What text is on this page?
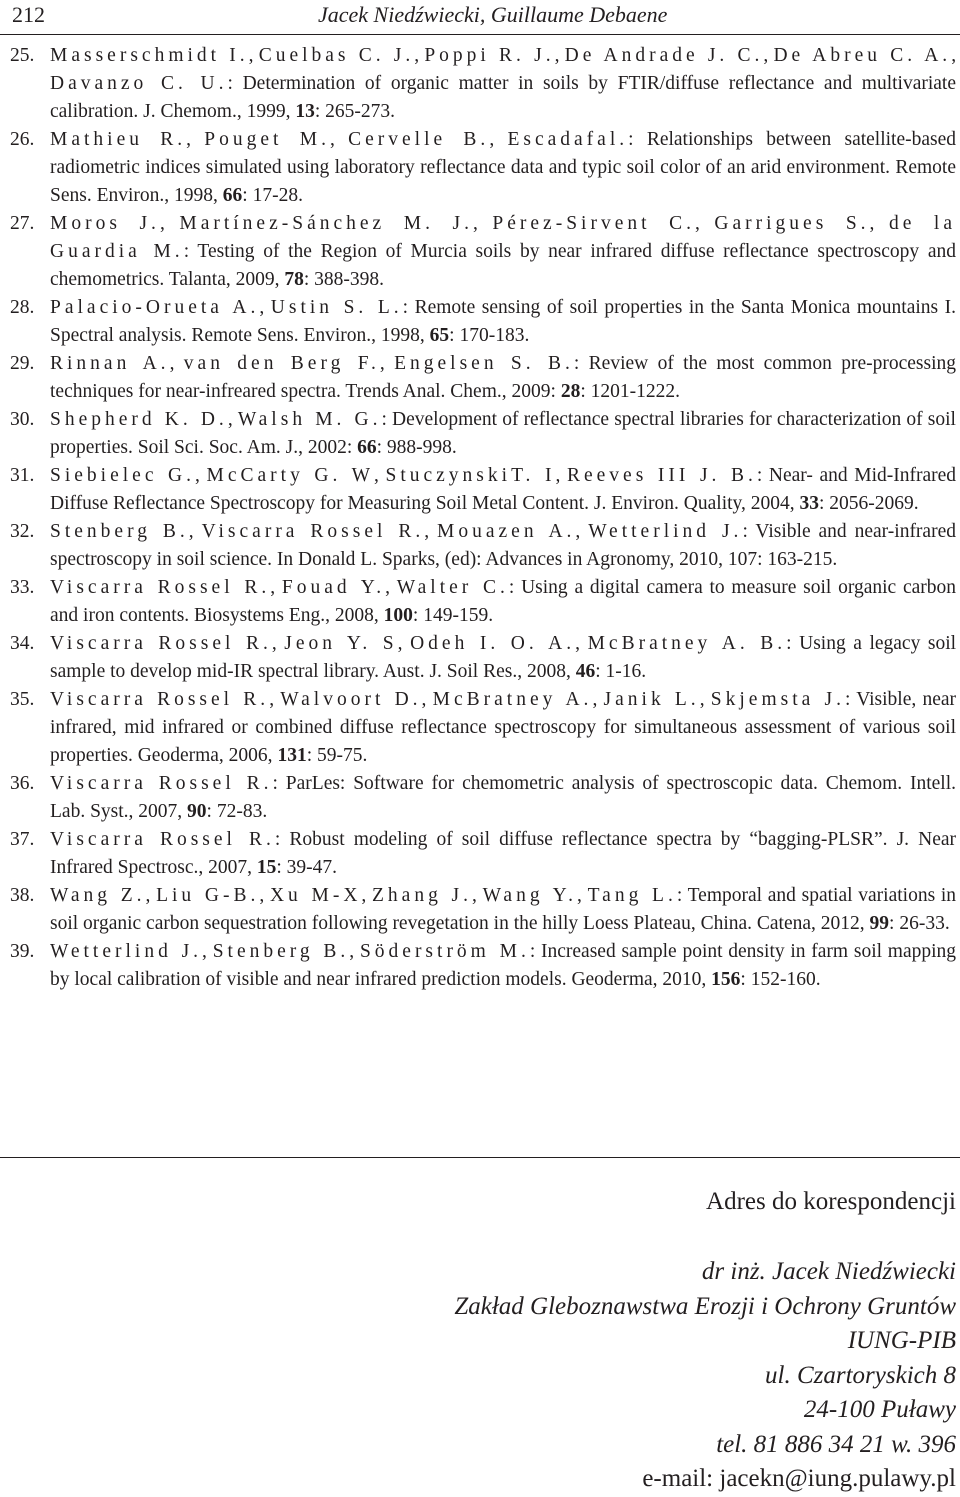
212	Jacek Niedźwiecki, Guillaume Debaene
25. Masserschmidt I., Cuelbas C. J., Poppi R. J., De Andrade J. C., De Abreu C. A., Davanzo C. U.: Determination of organic matter in soils by FTIR/diffuse reflectance and multivariate calibration. J. Chemom., 1999, 13: 265-273.
26. Mathieu R., Pouget M., Cervelle B., Escadafal.: Relationships between satellite-based radiometric indices simulated using laboratory reflectance data and typic soil color of an arid environment. Remote Sens. Environ., 1998, 66: 17-28.
27. Moros J., Martínez-Sánchez M. J., Pérez-Sirvent C., Garrigues S., de la Guardia M.: Testing of the Region of Murcia soils by near infrared diffuse reflectance spectroscopy and chemometrics. Talanta, 2009, 78: 388-398.
28. Palacio-Orueta A., Ustin S. L.: Remote sensing of soil properties in the Santa Monica mountains I. Spectral analysis. Remote Sens. Environ., 1998, 65: 170-183.
29. Rinnan A., van den Berg F., Engelsen S. B.: Review of the most common pre-processing techniques for near-infreared spectra. Trends Anal. Chem., 2009: 28: 1201-1222.
30. Shepherd K. D., Walsh M. G.: Development of reflectance spectral libraries for characterization of soil properties. Soil Sci. Soc. Am. J., 2002: 66: 988-998.
31. Siebielec G., McCarty G. W, StuczynskiT. I, Reeves III J. B.: Near- and Mid-Infrared Diffuse Reflectance Spectroscopy for Measuring Soil Metal Content. J. Environ. Quality, 2004, 33: 2056-2069.
32. Stenberg B., Viscarra Rossel R., Mouazen A., Wetterlind J.: Visible and near-infrared spectroscopy in soil science. In Donald L. Sparks, (ed): Advances in Agronomy, 2010, 107: 163-215.
33. Viscarra Rossel R., Fouad Y., Walter C.: Using a digital camera to measure soil organic carbon and iron contents. Biosystems Eng., 2008, 100: 149-159.
34. Viscarra Rossel R., Jeon Y. S, Odeh I. O. A., McBratney A. B.: Using a legacy soil sample to develop mid-IR spectral library. Aust. J. Soil Res., 2008, 46: 1-16.
35. Viscarra Rossel R., Walvoort D., McBratney A., Janik L., Skjemsta J.: Visible, near infrared, mid infrared or combined diffuse reflectance spectroscopy for simultaneous assessment of various soil properties. Geoderma, 2006, 131: 59-75.
36. Viscarra Rossel R.: ParLes: Software for chemometric analysis of spectroscopic data. Chemom. Intell. Lab. Syst., 2007, 90: 72-83.
37. Viscarra Rossel R.: Robust modeling of soil diffuse reflectance spectra by “bagging-PLSR”. J. Near Infrared Spectrosc., 2007, 15: 39-47.
38. Wang Z., Liu G-B., Xu M-X, Zhang J., Wang Y., Tang L.: Temporal and spatial variations in soil organic carbon sequestration following revegetation in the hilly Loess Plateau, China. Catena, 2012, 99: 26-33.
39. Wetterlind J., Stenberg B., Söderström M.: Increased sample point density in farm soil mapping by local calibration of visible and near infrared prediction models. Geoderma, 2010, 156: 152-160.
Adres do korespondencji
dr inż. Jacek Niedźwiecki
Zakład Gleboznawstwa Erozji i Ochrony Gruntów
IUNG-PIB
ul. Czartoryskich 8
24-100 Puławy
tel. 81 886 34 21 w. 396
e-mail: jacekn@iung.pulawy.pl
